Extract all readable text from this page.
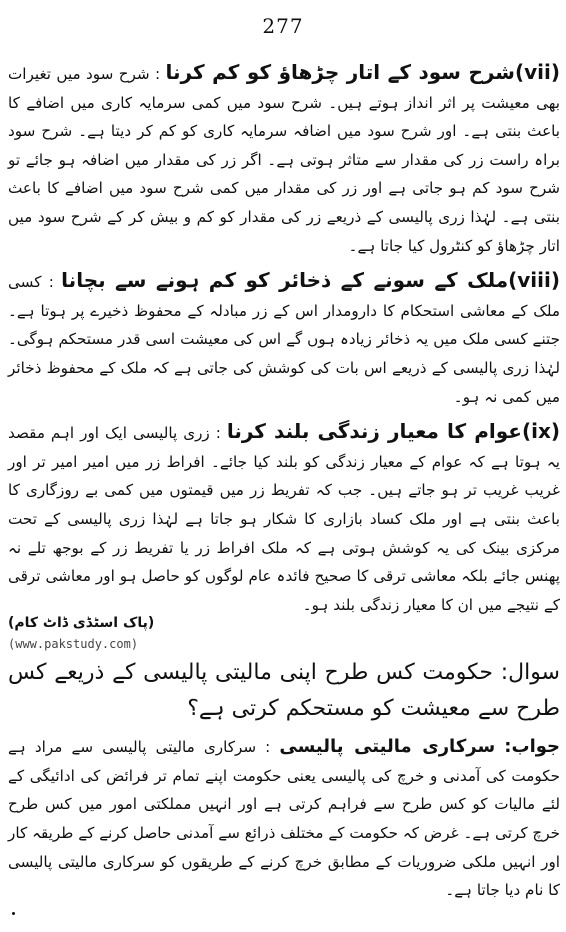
277

(vii)شرح سود کے اتار چڑھاؤ کو کم کرنا : شرح سود میں تغیرات بھی معیشت پر اثر انداز ہوتے ہیں۔ شرح سود میں کمی سرمایہ کاری میں اضافے کا باعث بنتی ہے۔ اور شرح سود میں اضافہ سرمایہ کاری کو کم کر دیتا ہے۔ شرح سود براہ راست زر کی مقدار سے متاثر ہوتی ہے۔ اگر زر کی مقدار میں اضافہ ہو جائے تو شرح سود کم ہو جاتی ہے اور زر کی مقدار میں کمی شرح سود میں اضافے کا باعث بنتی ہے۔ لہٰذا زری پالیسی کے ذریعے زر کی مقدار کو کم و بیش کر کے شرح سود میں اتار چڑھاؤ کو کنٹرول کیا جاتا ہے۔

(viii)ملک کے سونے کے ذخائر کو کم ہونے سے بچانا : کسی ملک کے معاشی استحکام کا دارومدار اس کے زر مبادلہ کے محفوظ ذخیرے پر ہوتا ہے۔ جتنے کسی ملک میں یہ ذخائر زیادہ ہوں گے اس کی معیشت اسی قدر مستحکم ہوگی۔ لہٰذا زری پالیسی کے ذریعے اس بات کی کوشش کی جاتی ہے کہ ملک کے محفوظ ذخائر میں کمی نہ ہو۔

(ix)عوام کا معیار زندگی بلند کرنا : زری پالیسی ایک اور اہم مقصد یہ ہوتا ہے کہ عوام کے معیار زندگی کو بلند کیا جائے۔ افراط زر میں امیر امیر تر اور غریب غریب تر ہو جاتے ہیں۔ جب کہ تفریط زر میں قیمتوں میں کمی بے روزگاری کا باعث بنتی ہے اور ملک کساد بازاری کا شکار ہو جاتا ہے لہٰذا زری پالیسی کے تحت مرکزی بینک کی یہ کوشش ہوتی ہے کہ ملک افراط زر یا تفریط زر کے بوجھ تلے نہ پھنس جائے بلکہ معاشی ترقی کا صحیح فائدہ عام لوگوں کو حاصل ہو اور معاشی ترقی کے نتیجے میں ان کا معیار زندگی بلند ہو۔

(پاک اسٹڈی ڈاٹ کام)

(www.pakstudy.com)

سوال: حکومت کس طرح اپنی مالیتی پالیسی کے ذریعے کس طرح سے معیشت کو مستحکم کرتی ہے؟

جواب: سرکاری مالیتی پالیسی : سرکاری مالیتی پالیسی سے مراد ہے حکومت کی آمدنی و خرچ کی پالیسی یعنی حکومت اپنے تمام تر فرائض کی ادائیگی کے لئے مالیات کو کس طرح سے فراہم کرتی ہے اور انہیں مملکتی امور میں کس طرح خرچ کرتی ہے۔ غرض کہ حکومت کے مختلف ذرائع سے آمدنی حاصل کرنے کے طریقہ کار اور انہیں ملکی ضروریات کے مطابق خرچ کرنے کے طریقوں کو سرکاری مالیتی پالیسی کا نام دیا جاتا ہے۔
